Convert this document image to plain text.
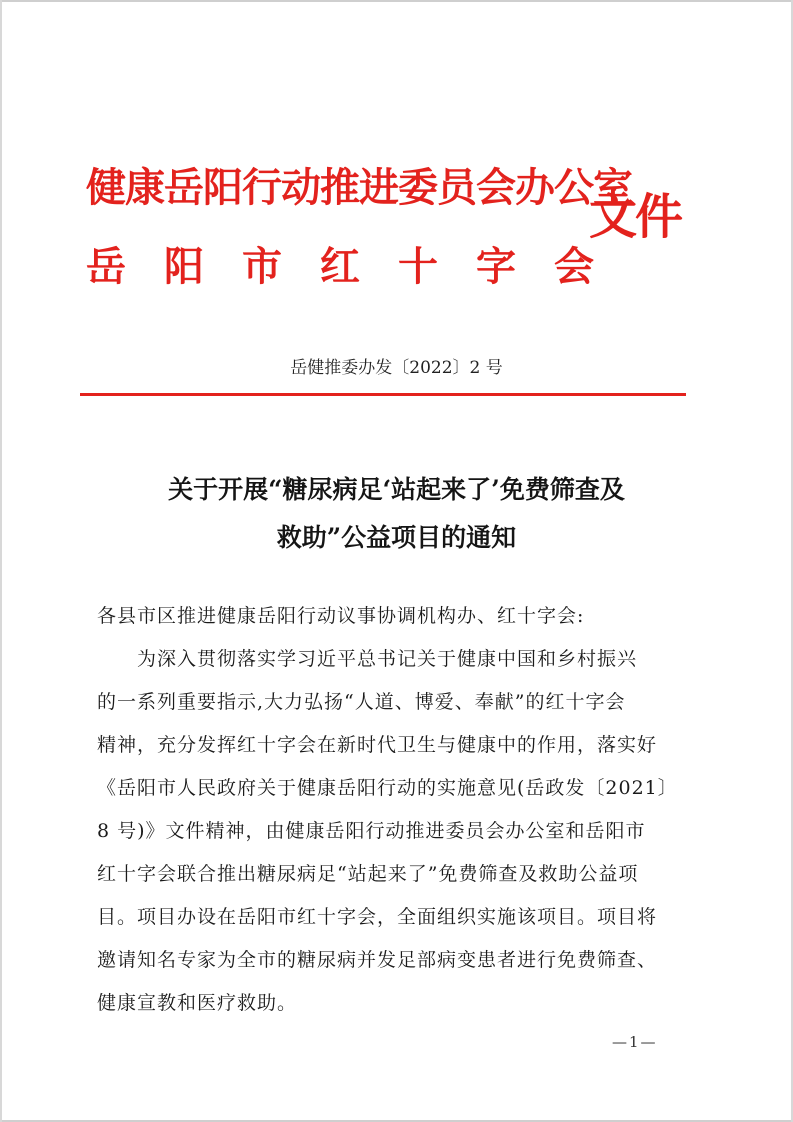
健康岳阳行动推进委员会办公室
岳阳市红十字会
文件
岳健推委办发〔2022〕2 号
关于开展“糖尿病足‘站起来了’免费筛查及
救助”公益项目的通知
各县市区推进健康岳阳行动议事协调机构办、红十字会:
为深入贯彻落实学习近平总书记关于健康中国和乡村振兴
的一系列重要指示,大力弘扬“人道、博爱、奉献”的红十字会
精神，充分发挥红十字会在新时代卫生与健康中的作用，落实好
《岳阳市人民政府关于健康岳阳行动的实施意见(岳政发〔2021〕
8 号)》文件精神，由健康岳阳行动推进委员会办公室和岳阳市
红十字会联合推出糖尿病足“站起来了”免费筛查及救助公益项
目。项目办设在岳阳市红十字会，全面组织实施该项目。项目将
邀请知名专家为全市的糖尿病并发足部病变患者进行免费筛查、
健康宣教和医疗救助。
—1—
